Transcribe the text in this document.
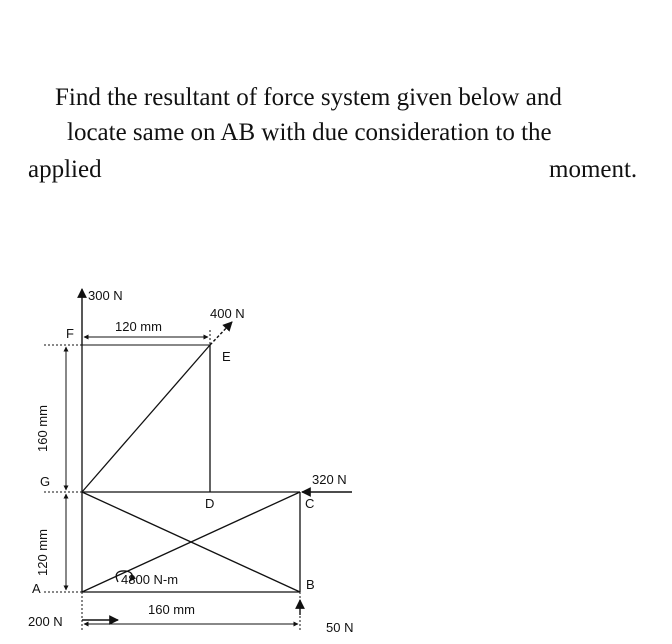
Find the resultant of force system given below and
locate same on AB with due consideration to the
applied	moment.
A	B
C
D
E
F
G
300 N
400 N
320 N
200 N	50 N
4800 N-m
120 mm
160 mm
160 mm
120 mm
